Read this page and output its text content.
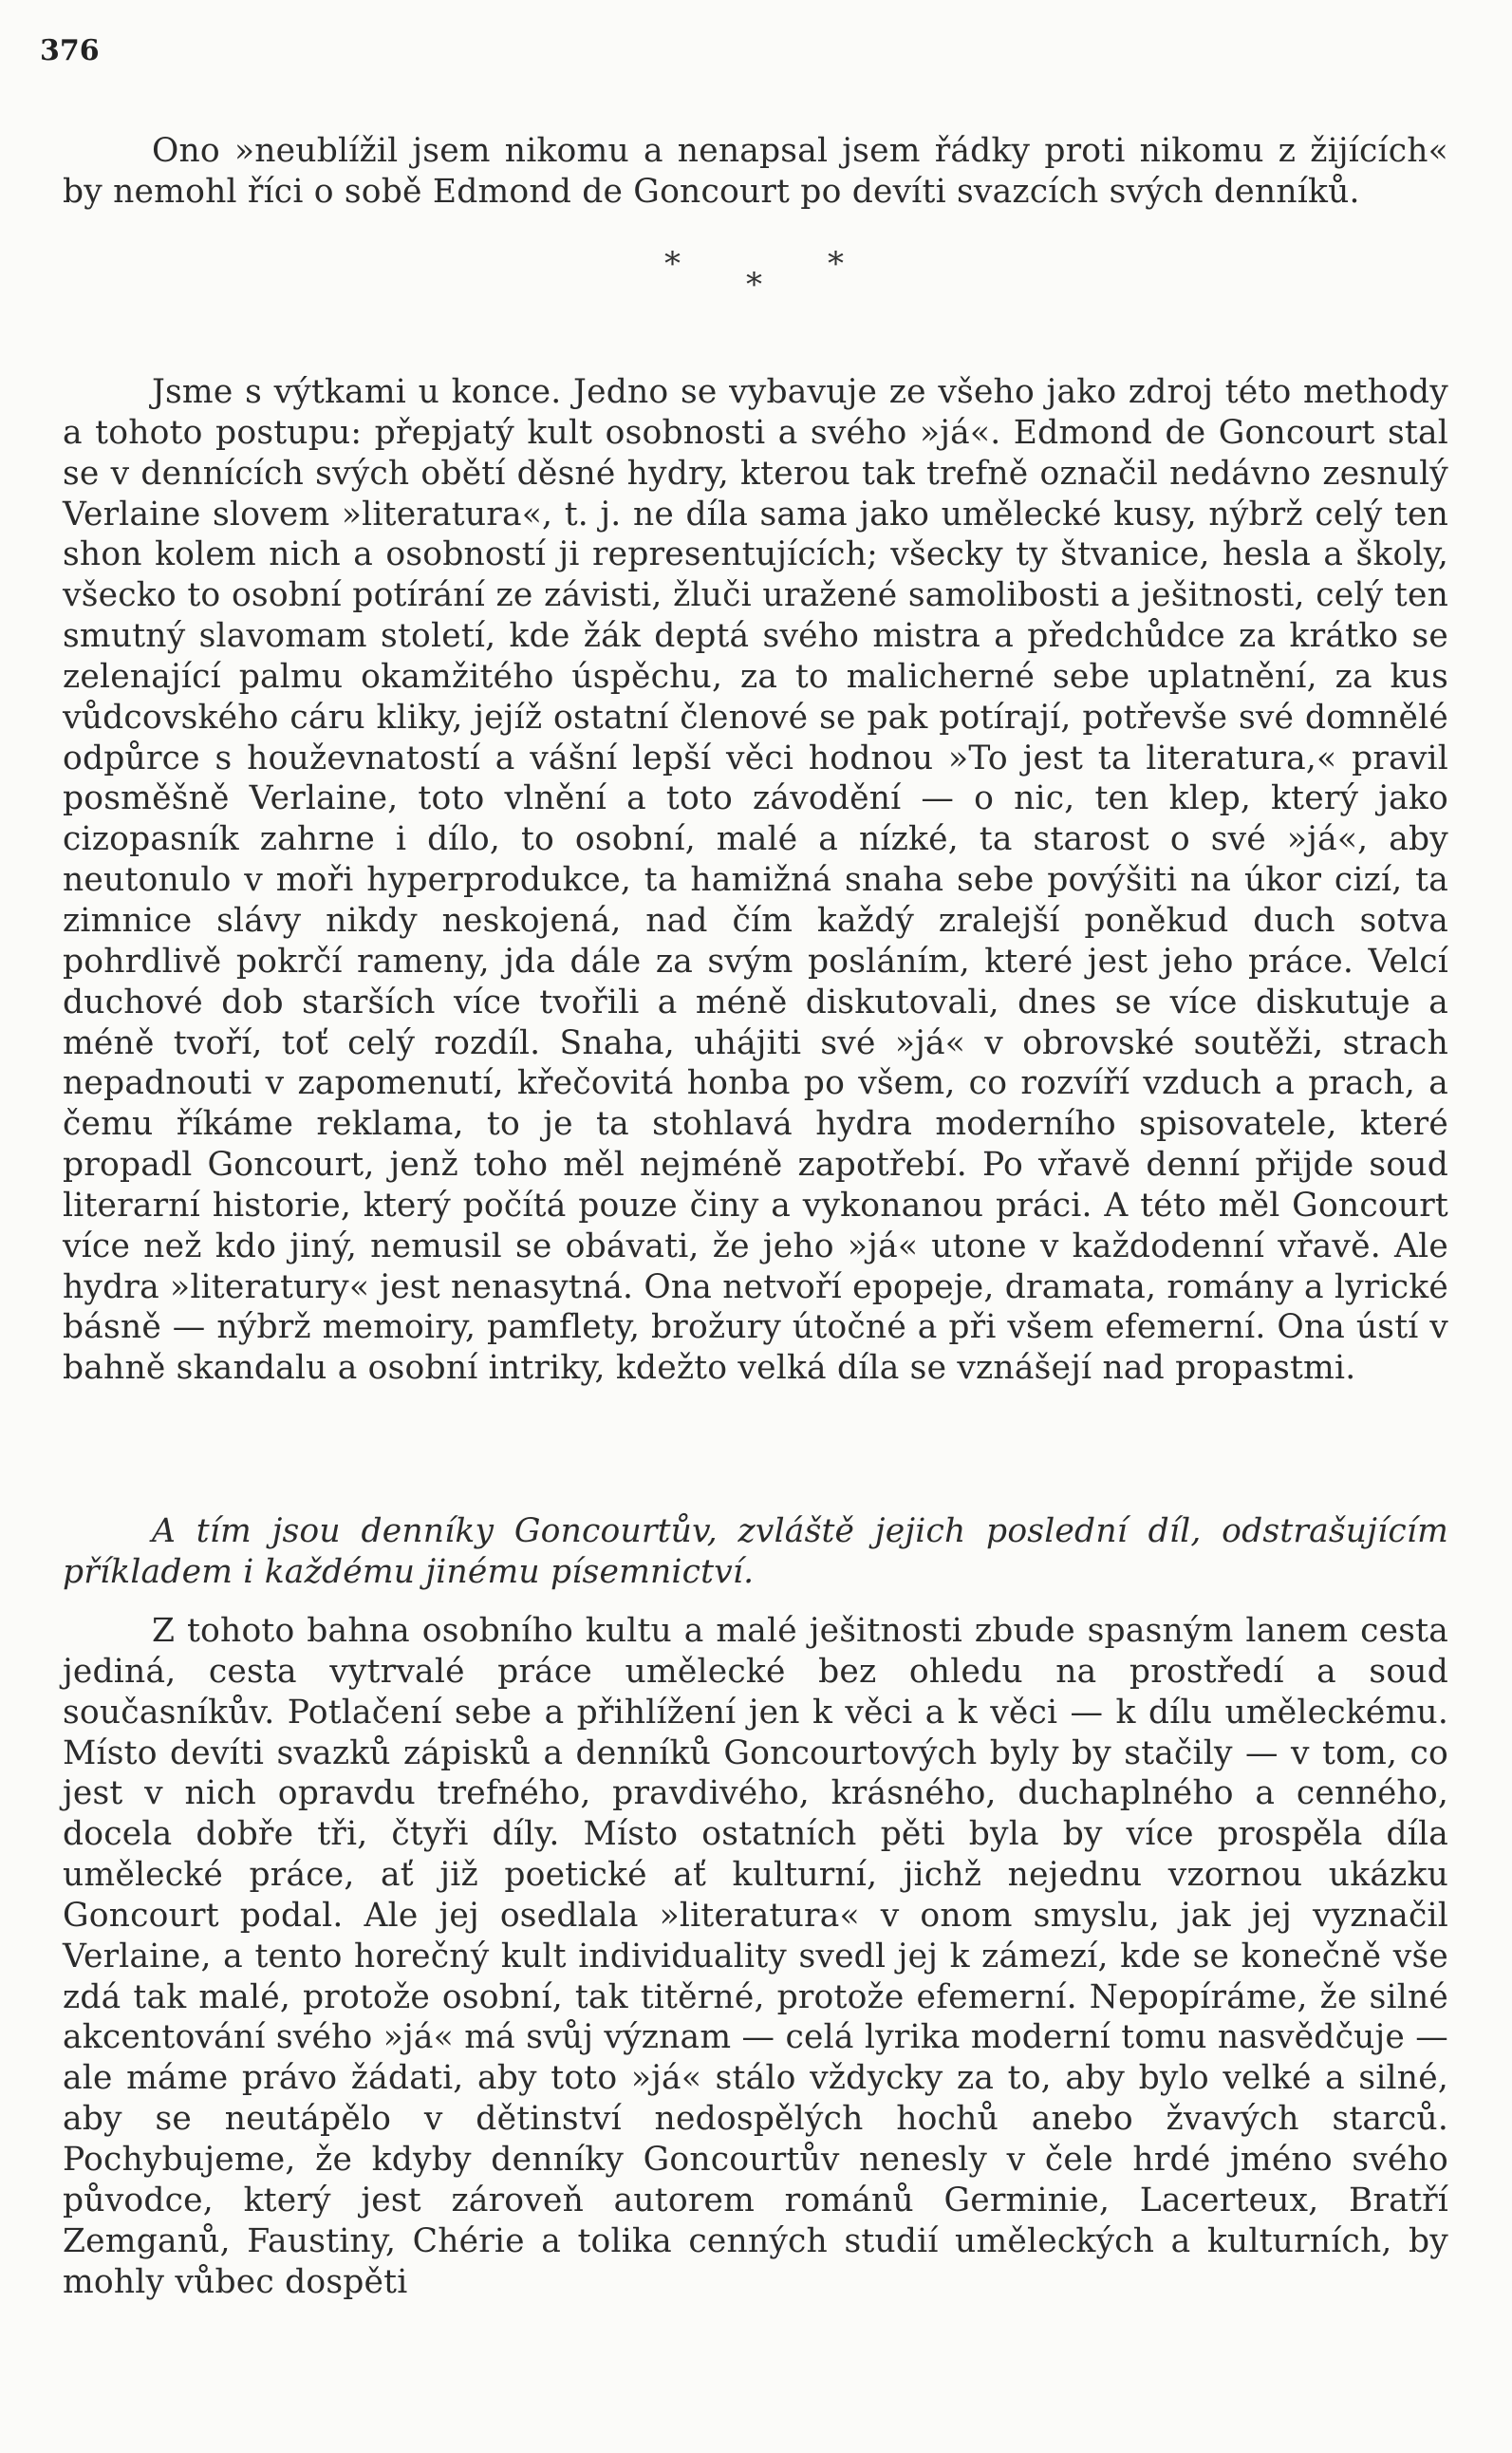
376

Ono »neublížil jsem nikomu a nenapsal jsem řádky proti nikomu z žijících« by nemohl říci o sobě Edmond de Goncourt po devíti svazcích svých denníků.

*
*
*

Jsme s výtkami u konce. Jedno se vybavuje ze všeho jako zdroj této methody a tohoto postupu: přepjatý kult osobnosti a svého »já«. Edmond de Goncourt stal se v dennících svých obětí děsné hydry, kterou tak trefně označil nedávno zesnulý Verlaine slovem »literatura«, t. j. ne díla sama jako umělecké kusy, nýbrž celý ten shon kolem nich a osobností ji representujících; všecky ty štvanice, hesla a školy, všecko to osobní potírání ze závisti, žluči uražené samolibosti a ješitnosti, celý ten smutný slavomam století, kde žák deptá svého mistra a předchůdce za krátko se zelenající palmu okamžitého úspěchu, za to malicherné sebe uplatnění, za kus vůdcovského cáru kliky, jejíž ostatní členové se pak potírají, potřevše své domnělé odpůrce s houževnatostí a vášní lepší věci hodnou »To jest ta literatura,« pravil posměšně Verlaine, toto vlnění a toto závodění — o nic, ten klep, který jako cizopasník zahrne i dílo, to osobní, malé a nízké, ta starost o své »já«, aby neutonulo v moři hyperprodukce, ta hamižná snaha sebe povýšiti na úkor cizí, ta zimnice slávy nikdy neskojená, nad čím každý zralejší poněkud duch sotva pohrdlivě pokrčí rameny, jda dále za svým posláním, které jest jeho práce. Velcí duchové dob starších více tvořili a méně diskutovali, dnes se více diskutuje a méně tvoří, toť celý rozdíl. Snaha, uhájiti své »já« v obrovské soutěži, strach nepadnouti v zapomenutí, křečovitá honba po všem, co rozvíří vzduch a prach, a čemu říkáme reklama, to je ta stohlavá hydra moderního spisovatele, které propadl Goncourt, jenž toho měl nejméně zapotřebí. Po vřavě denní přijde soud literarní historie, který počítá pouze činy a vykonanou práci. A této měl Goncourt více než kdo jiný, nemusil se obávati, že jeho »já« utone v každodenní vřavě. Ale hydra »literatury« jest nenasytná. Ona netvoří epopeje, dramata, romány a lyrické básně — nýbrž memoiry, pamflety, brožury útočné a při všem efemerní. Ona ústí v bahně skandalu a osobní intriky, kdežto velká díla se vznášejí nad propastmi.

A tím jsou denníky Goncourtův, zvláště jejich poslední díl, odstrašujícím příkladem i každému jinému písemnictví.

Z tohoto bahna osobního kultu a malé ješitnosti zbude spasným lanem cesta jediná, cesta vytrvalé práce umělecké bez ohledu na prostředí a soud současníkův. Potlačení sebe a přihlížení jen k věci a k věci — k dílu uměleckému. Místo devíti svazků zápisků a denníků Goncourtových byly by stačily — v tom, co jest v nich opravdu trefného, pravdivého, krásného, duchaplného a cenného, docela dobře tři, čtyři díly. Místo ostatních pěti byla by více prospěla díla umělecké práce, ať již poetické ať kulturní, jichž nejednu vzornou ukázku Goncourt podal. Ale jej osedlala »literatura« v onom smyslu, jak jej vyznačil Verlaine, a tento horečný kult individuality svedl jej k zámezí, kde se konečně vše zdá tak malé, protože osobní, tak titěrné, protože efemerní. Nepopíráme, že silné akcentování svého »já« má svůj význam — celá lyrika moderní tomu nasvědčuje — ale máme právo žádati, aby toto »já« stálo vždycky za to, aby bylo velké a silné, aby se neutápělo v dětinství nedospělých hochů anebo žvavých starců. Pochybujeme, že kdyby denníky Goncourtův nenesly v čele hrdé jméno svého původce, který jest zároveň autorem románů Germinie, Lacerteux, Bratří Zemganů, Faustiny, Chérie a tolika cenných studií uměleckých a kulturních, by mohly vůbec dospěti
